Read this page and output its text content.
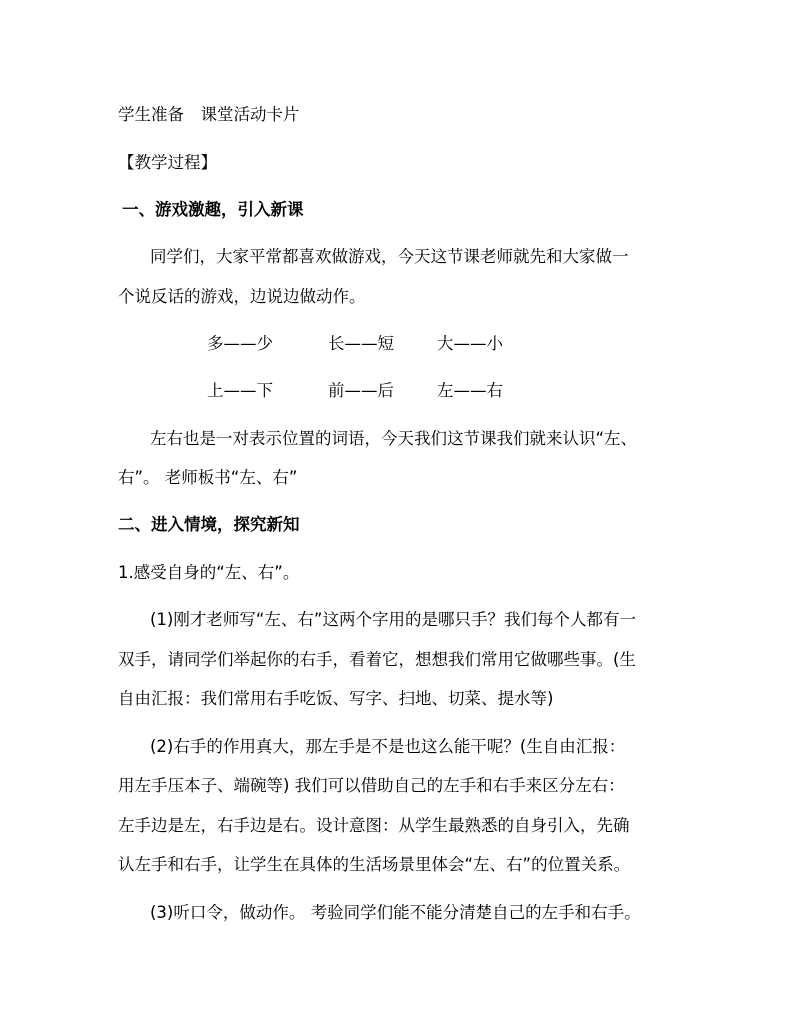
学生准备　课堂活动卡片
【教学过程】
一、游戏激趣，引入新课
同学们，大家平常都喜欢做游戏，今天这节课老师就先和大家做一
个说反话的游戏，边说边做动作。
多——少	长——短	大——小
上——下	前——后	左——右
左右也是一对表示位置的词语，今天我们这节课我们就来认识“左、
右”。 老师板书“左、右”
二、进入情境，探究新知
1.感受自身的“左、右”。
(1)刚才老师写“左、右”这两个字用的是哪只手？我们每个人都有一
双手，请同学们举起你的右手，看着它，想想我们常用它做哪些事。(生
自由汇报：我们常用右手吃饭、写字、扫地、切菜、提水等)
(2)右手的作用真大，那左手是不是也这么能干呢？(生自由汇报：
用左手压本子、端碗等) 我们可以借助自己的左手和右手来区分左右：
左手边是左，右手边是右。设计意图：从学生最熟悉的自身引入，先确
认左手和右手，让学生在具体的生活场景里体会“左、右”的位置关系。
(3)听口令，做动作。 考验同学们能不能分清楚自己的左手和右手。
